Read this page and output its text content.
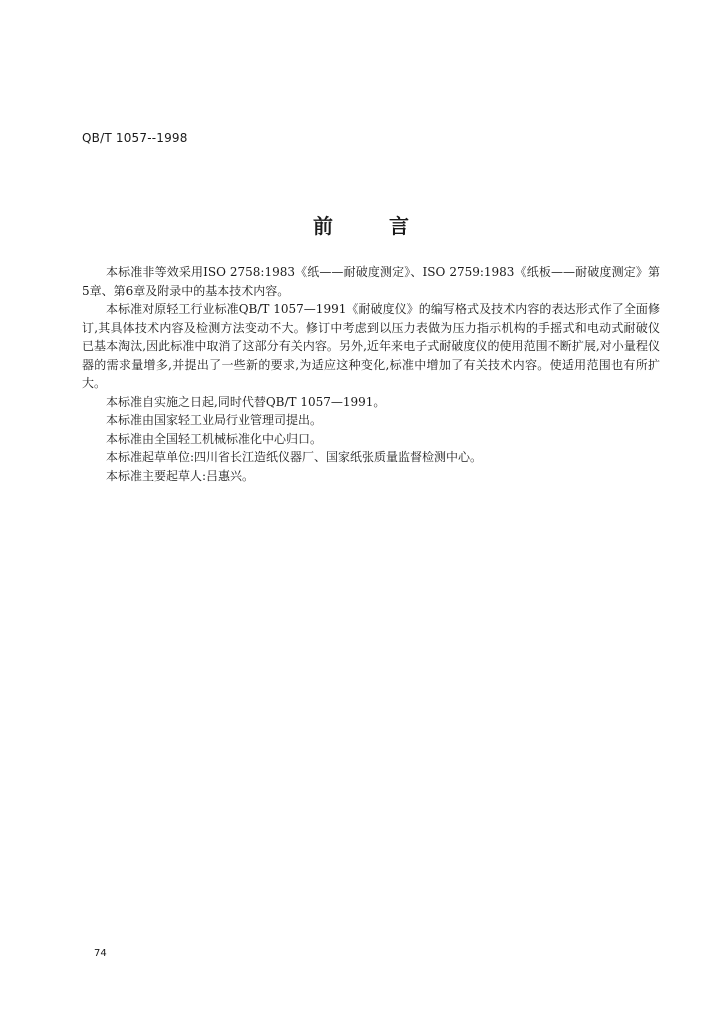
QB/T 1057--1998
前言

本标准非等效采用ISO 2758:1983《纸——耐破度测定》、ISO 2759:1983《纸板——耐破度测定》第5章、第6章及附录中的基本技术内容。

本标准对原轻工行业标准QB/T 1057—1991《耐破度仪》的编写格式及技术内容的表达形式作了全面修订,其具体技术内容及检测方法变动不大。修订中考虑到以压力表做为压力指示机构的手摇式和电动式耐破仪已基本淘汰,因此标准中取消了这部分有关内容。另外,近年来电子式耐破度仪的使用范围不断扩展,对小量程仪器的需求量增多,并提出了一些新的要求,为适应这种变化,标准中增加了有关技术内容。使适用范围也有所扩大。

本标准自实施之日起,同时代替QB/T 1057—1991。

本标准由国家轻工业局行业管理司提出。

本标准由全国轻工机械标准化中心归口。

本标准起草单位:四川省长江造纸仪器厂、国家纸张质量监督检测中心。

本标准主要起草人:吕惠兴。

74
